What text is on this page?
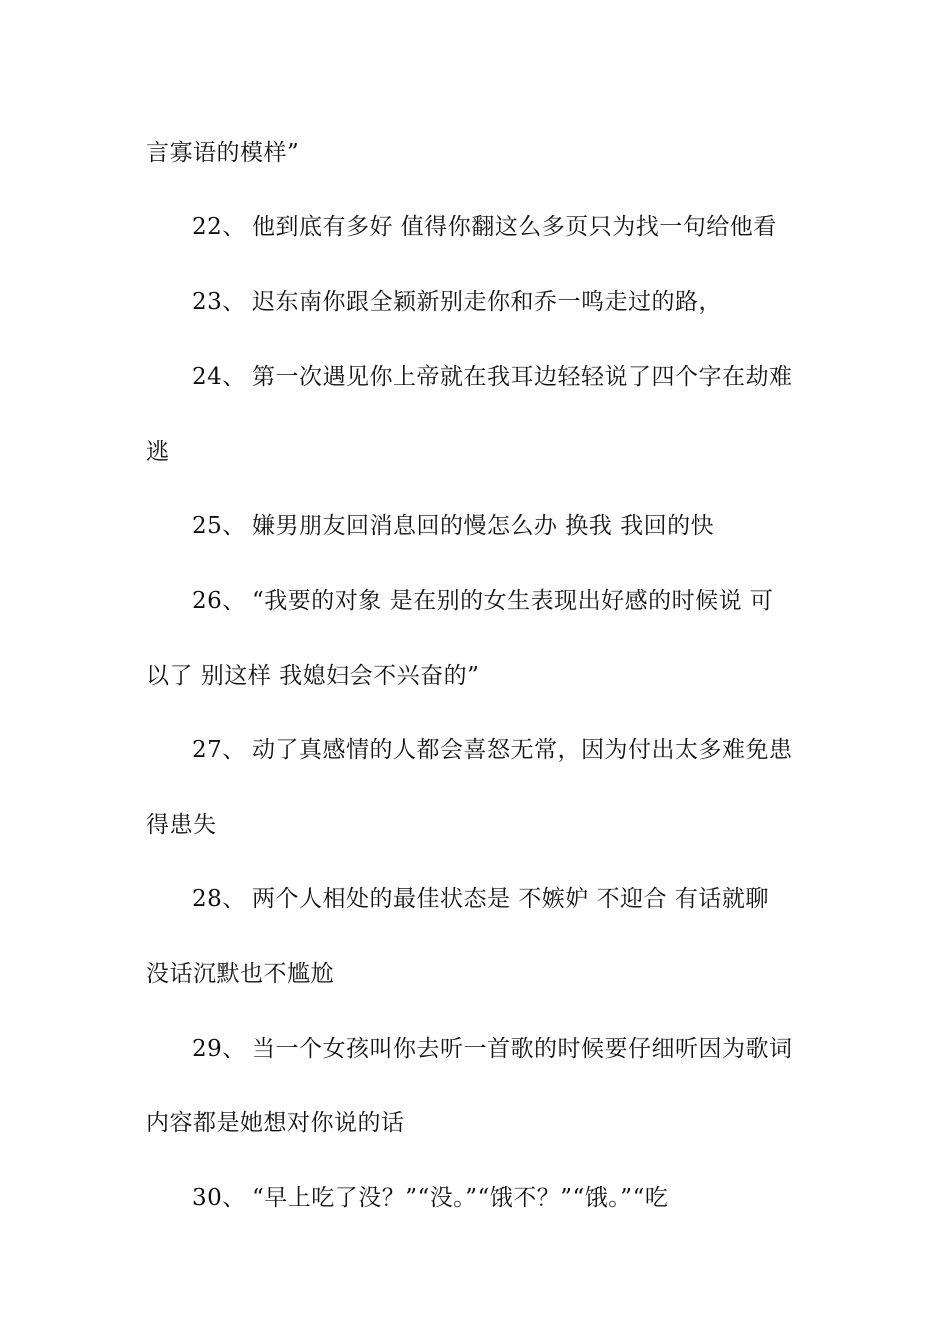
言寡语的模样”
22、 他到底有多好 值得你翻这么多页只为找一句给他看
23、 迟东南你跟全颖新别走你和乔一鸣走过的路，
24、 第一次遇见你上帝就在我耳边轻轻说了四个字在劫难
逃
25、 嫌男朋友回消息回的慢怎么办 换我 我回的快
26、 “我要的对象 是在别的女生表现出好感的时候说 可
以了 别这样 我媳妇会不兴奋的”
27、 动了真感情的人都会喜怒无常，因为付出太多难免患
得患失
28、 两个人相处的最佳状态是 不嫉妒 不迎合 有话就聊
没话沉默也不尴尬
29、 当一个女孩叫你去听一首歌的时候要仔细听因为歌词
内容都是她想对你说的话
30、 “早上吃了没？”“没。”“饿不？”“饿。”“吃
